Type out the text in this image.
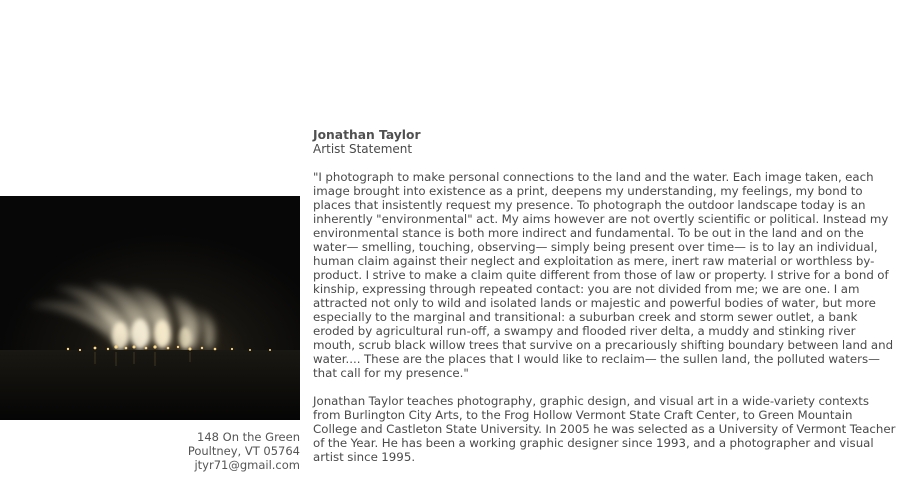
148 On the Green
Poultney, VT 05764
jtyr71@gmail.com
Jonathan Taylor
Artist Statement

"I photograph to make personal connections to the land and the water. Each image taken, each image brought into existence as a print, deepens my understanding, my feelings, my bond to places that insistently request my presence. To photograph the outdoor landscape today is an inherently "environmental" act. My aims however are not overtly scientific or political. Instead my environmental stance is both more indirect and fundamental. To be out in the land and on the water— smelling, touching, observing— simply being present over time— is to lay an individual, human claim against their neglect and exploitation as mere, inert raw material or worthless by-product. I strive to make a claim quite different from those of law or property. I strive for a bond of kinship, expressing through repeated contact: you are not divided from me; we are one. I am attracted not only to wild and isolated lands or majestic and powerful bodies of water, but more especially to the marginal and transitional: a suburban creek and storm sewer outlet, a bank eroded by agricultural run-off, a swampy and flooded river delta, a muddy and stinking river mouth, scrub black willow trees that survive on a precariously shifting boundary between land and water.... These are the places that I would like to reclaim— the sullen land, the polluted waters— that call for my presence."

Jonathan Taylor teaches photography, graphic design, and visual art in a wide-variety contexts from Burlington City Arts, to the Frog Hollow Vermont State Craft Center, to Green Mountain College and Castleton State University. In 2005 he was selected as a University of Vermont Teacher of the Year. He has been a working graphic designer since 1993, and a photographer and visual artist since 1995.
